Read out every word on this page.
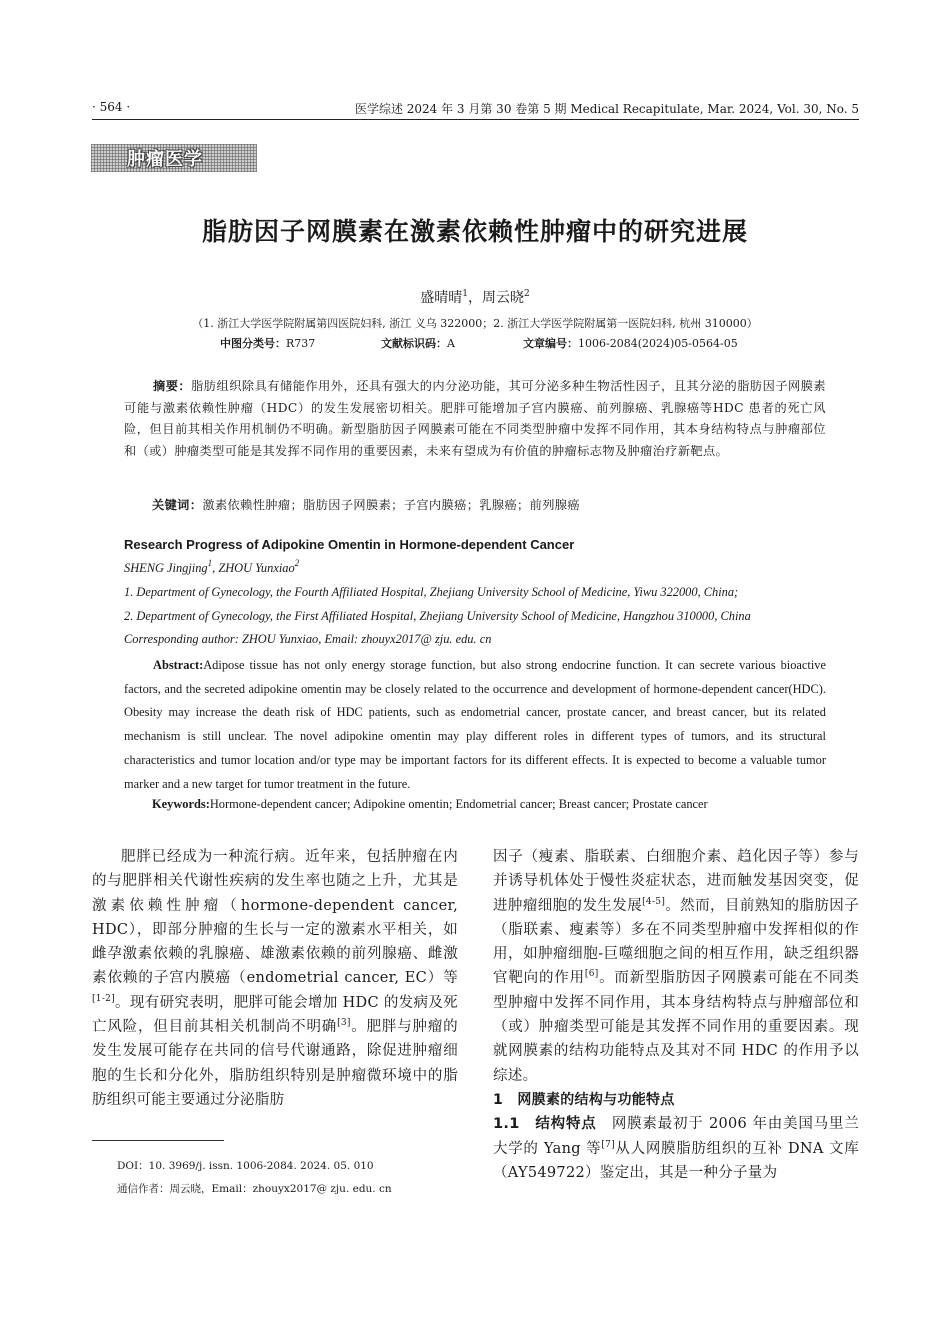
· 564 ·	医学综述 2024 年 3 月第 30 卷第 5 期 Medical Recapitulate, Mar. 2024, Vol. 30, No. 5
肿瘤医学
脂肪因子网膜素在激素依赖性肿瘤中的研究进展
盛晴晴$^1$，周云晓$^2$
（1. 浙江大学医学院附属第四医院妇科, 浙江 义乌 322000；2. 浙江大学医学院附属第一医院妇科, 杭州 310000）
中图分类号：R737	文献标识码：A	文章编号：1006-2084(2024)05-0564-05
摘要：脂肪组织除具有储能作用外，还具有强大的内分泌功能，其可分泌多种生物活性因子，且其分泌的脂肪因子网膜素可能与激素依赖性肿瘤（HDC）的发生发展密切相关。肥胖可能增加子宫内膜癌、前列腺癌、乳腺癌等HDC 患者的死亡风险，但目前其相关作用机制仍不明确。新型脂肪因子网膜素可能在不同类型肿瘤中发挥不同作用，其本身结构特点与肿瘤部位和（或）肿瘤类型可能是其发挥不同作用的重要因素，未来有望成为有价值的肿瘤标志物及肿瘤治疗新靶点。
关键词：激素依赖性肿瘤；脂肪因子网膜素；子宫内膜癌；乳腺癌；前列腺癌
Research Progress of Adipokine Omentin in Hormone-dependent Cancer
SHENG Jingjing$^1$, ZHOU Yunxiao$^2$
1. Department of Gynecology, the Fourth Affiliated Hospital, Zhejiang University School of Medicine, Yiwu 322000, China;
2. Department of Gynecology, the First Affiliated Hospital, Zhejiang University School of Medicine, Hangzhou 310000, China
Corresponding author: ZHOU Yunxiao, Email: zhouyx2017@ zju. edu. cn
Abstract:Adipose tissue has not only energy storage function, but also strong endocrine function. It can secrete various bioactive factors, and the secreted adipokine omentin may be closely related to the occurrence and development of hormone-dependent cancer(HDC). Obesity may increase the death risk of HDC patients, such as endometrial cancer, prostate cancer, and breast cancer, but its related mechanism is still unclear. The novel adipokine omentin may play different roles in different types of tumors, and its structural characteristics and tumor location and/or type may be important factors for its different effects. It is expected to become a valuable tumor marker and a new target for tumor treatment in the future.
Keywords:Hormone-dependent cancer; Adipokine omentin; Endometrial cancer; Breast cancer; Prostate cancer
肥胖已经成为一种流行病。近年来，包括肿瘤在内的与肥胖相关代谢性疾病的发生率也随之上升，尤其是激素依赖性肿瘤（hormone-dependent cancer, HDC），即部分肿瘤的生长与一定的激素水平相关，如雌孕激素依赖的乳腺癌、雄激素依赖的前列腺癌、雌激素依赖的子宫内膜癌（endometrial cancer, EC）等[1-2]。现有研究表明，肥胖可能会增加 HDC 的发病及死亡风险，但目前其相关机制尚不明确[3]。肥胖与肿瘤的发生发展可能存在共同的信号代谢通路，除促进肿瘤细胞的生长和分化外，脂肪组织特别是肿瘤微环境中的脂肪组织可能主要通过分泌脂肪

因子（瘦素、脂联素、白细胞介素、趋化因子等）参与并诱导机体处于慢性炎症状态，进而触发基因突变，促进肿瘤细胞的发生发展[4-5]。然而，目前熟知的脂肪因子（脂联素、瘦素等）多在不同类型肿瘤中发挥相似的作用，如肿瘤细胞-巨噬细胞之间的相互作用，缺乏组织器官靶向的作用[6]。而新型脂肪因子网膜素可能在不同类型肿瘤中发挥不同作用，其本身结构特点与肿瘤部位和（或）肿瘤类型可能是其发挥不同作用的重要因素。现就网膜素的结构功能特点及其对不同 HDC 的作用予以综述。

1　网膜素的结构与功能特点

1.1　结构特点　 网膜素最初于 2006 年由美国马里兰大学的 Yang 等[7]从人网膜脂肪组织的互补 DNA 文库（AY549722）鉴定出，其是一种分子量为

DOI：10. 3969/j. issn. 1006-2084. 2024. 05. 010
通信作者：周云晓，Email：zhouyx2017@ zju. edu. cn
